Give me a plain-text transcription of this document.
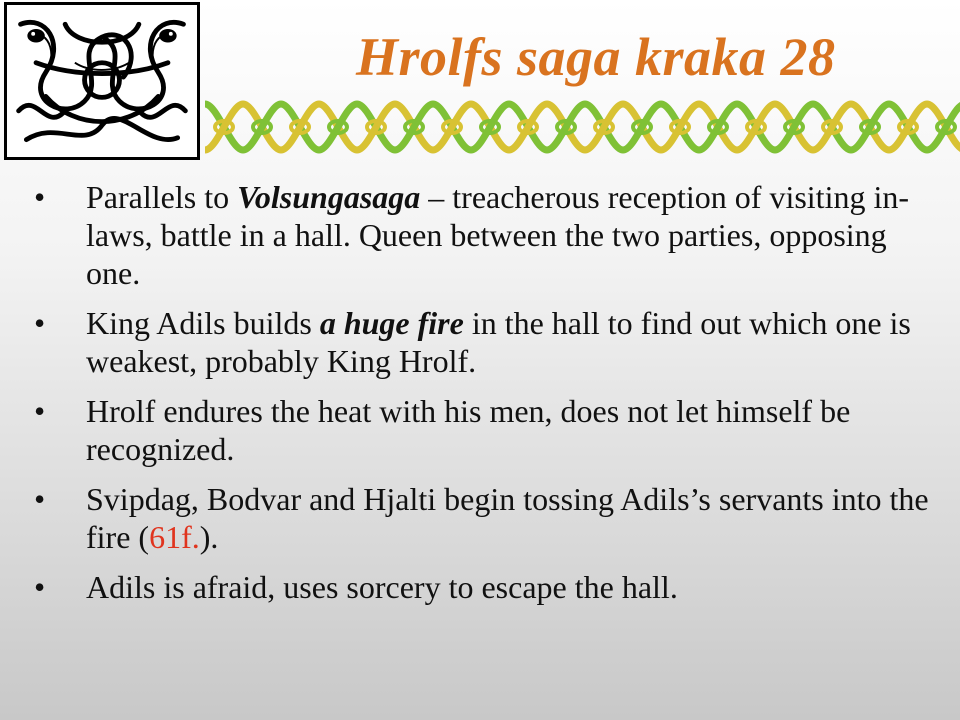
Hrolfs saga kraka 28
• Parallels to Volsungasaga – treacherous reception of visiting in-laws, battle in a hall. Queen between the two parties, opposing one.
• King Adils builds a huge fire in the hall to find out which one is weakest, probably King Hrolf.
• Hrolf endures the heat with his men, does not let himself be recognized.
• Svipdag, Bodvar and Hjalti begin tossing Adils’s servants into the fire (61f.).
• Adils is afraid, uses sorcery to escape the hall.
